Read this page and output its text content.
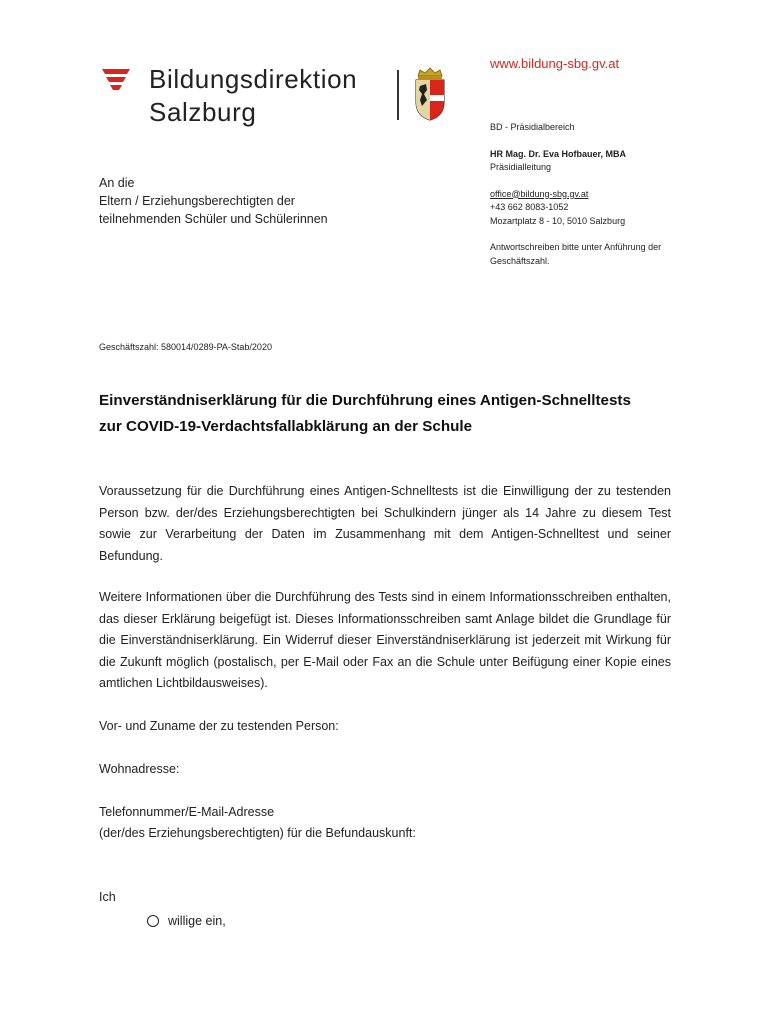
Bildungsdirektion
Salzburg
www.bildung-sbg.gv.at
BD - Präsidialbereich
HR Mag. Dr. Eva Hofbauer, MBA
Präsidialleitung
office@bildung-sbg.gv.at
+43 662 8083-1052
Mozartplatz 8 - 10, 5010 Salzburg
Antwortschreiben bitte unter Anführung der
Geschäftszahl.
An die
Eltern / Erziehungsberechtigten der
teilnehmenden Schüler und Schülerinnen
Geschäftszahl: 580014/0289-PA-Stab/2020
Einverständniserklärung für die Durchführung eines Antigen-Schnelltests
zur COVID-19-Verdachtsfallabklärung an der Schule
Voraussetzung für die Durchführung eines Antigen-Schnelltests ist die Einwilligung der zu testenden Person bzw. der/des Erziehungsberechtigten bei Schulkindern jünger als 14 Jahre zu diesem Test sowie zur Verarbeitung der Daten im Zusammenhang mit dem Antigen-Schnelltest und seiner Befundung.
Weitere Informationen über die Durchführung des Tests sind in einem Informationsschreiben enthalten, das dieser Erklärung beigefügt ist. Dieses Informationsschreiben samt Anlage bildet die Grundlage für die Einverständniserklärung. Ein Widerruf dieser Einverständniserklärung ist jederzeit mit Wirkung für die Zukunft möglich (postalisch, per E-Mail oder Fax an die Schule unter Beifügung einer Kopie eines amtlichen Lichtbildausweises).
Vor- und Zuname der zu testenden Person:
Wohnadresse:
Telefonnummer/E-Mail-Adresse
(der/des Erziehungsberechtigten) für die Befundauskunft:
Ich
willige ein,
